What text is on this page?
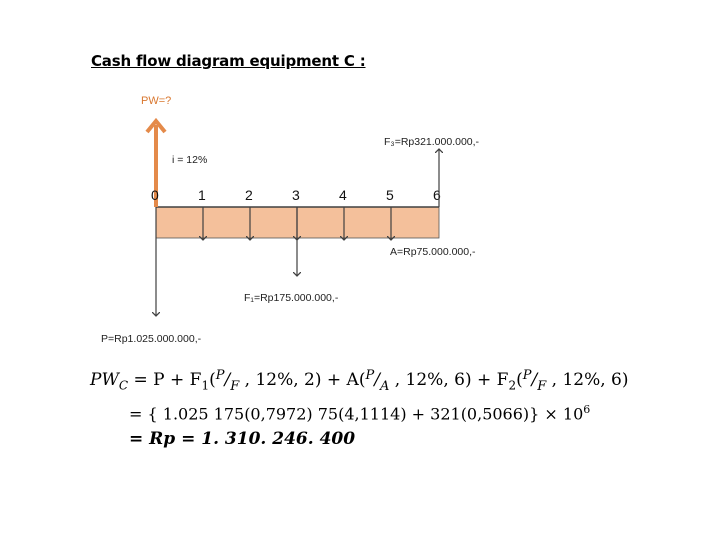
Cash flow diagram equipment C :
PW=?
i = 12%
0	1	2	3	4	5	6
F₁=Rp175.000.000,-
F₃=Rp321.000.000,-
A=Rp75.000.000,-
P=Rp1.025.000.000,-
$PW_C = P + F_1(^P/_F$ , 12%, $2) + A(^P/_A$ , 12%, $6) + F_2(^P/_F$ , 12%, 6)
= { 1.025 175(0,7972) $75(4,1114) + 321(0,5066)\} \times 10^6$
= Rp = 1. 310. 246. 400
